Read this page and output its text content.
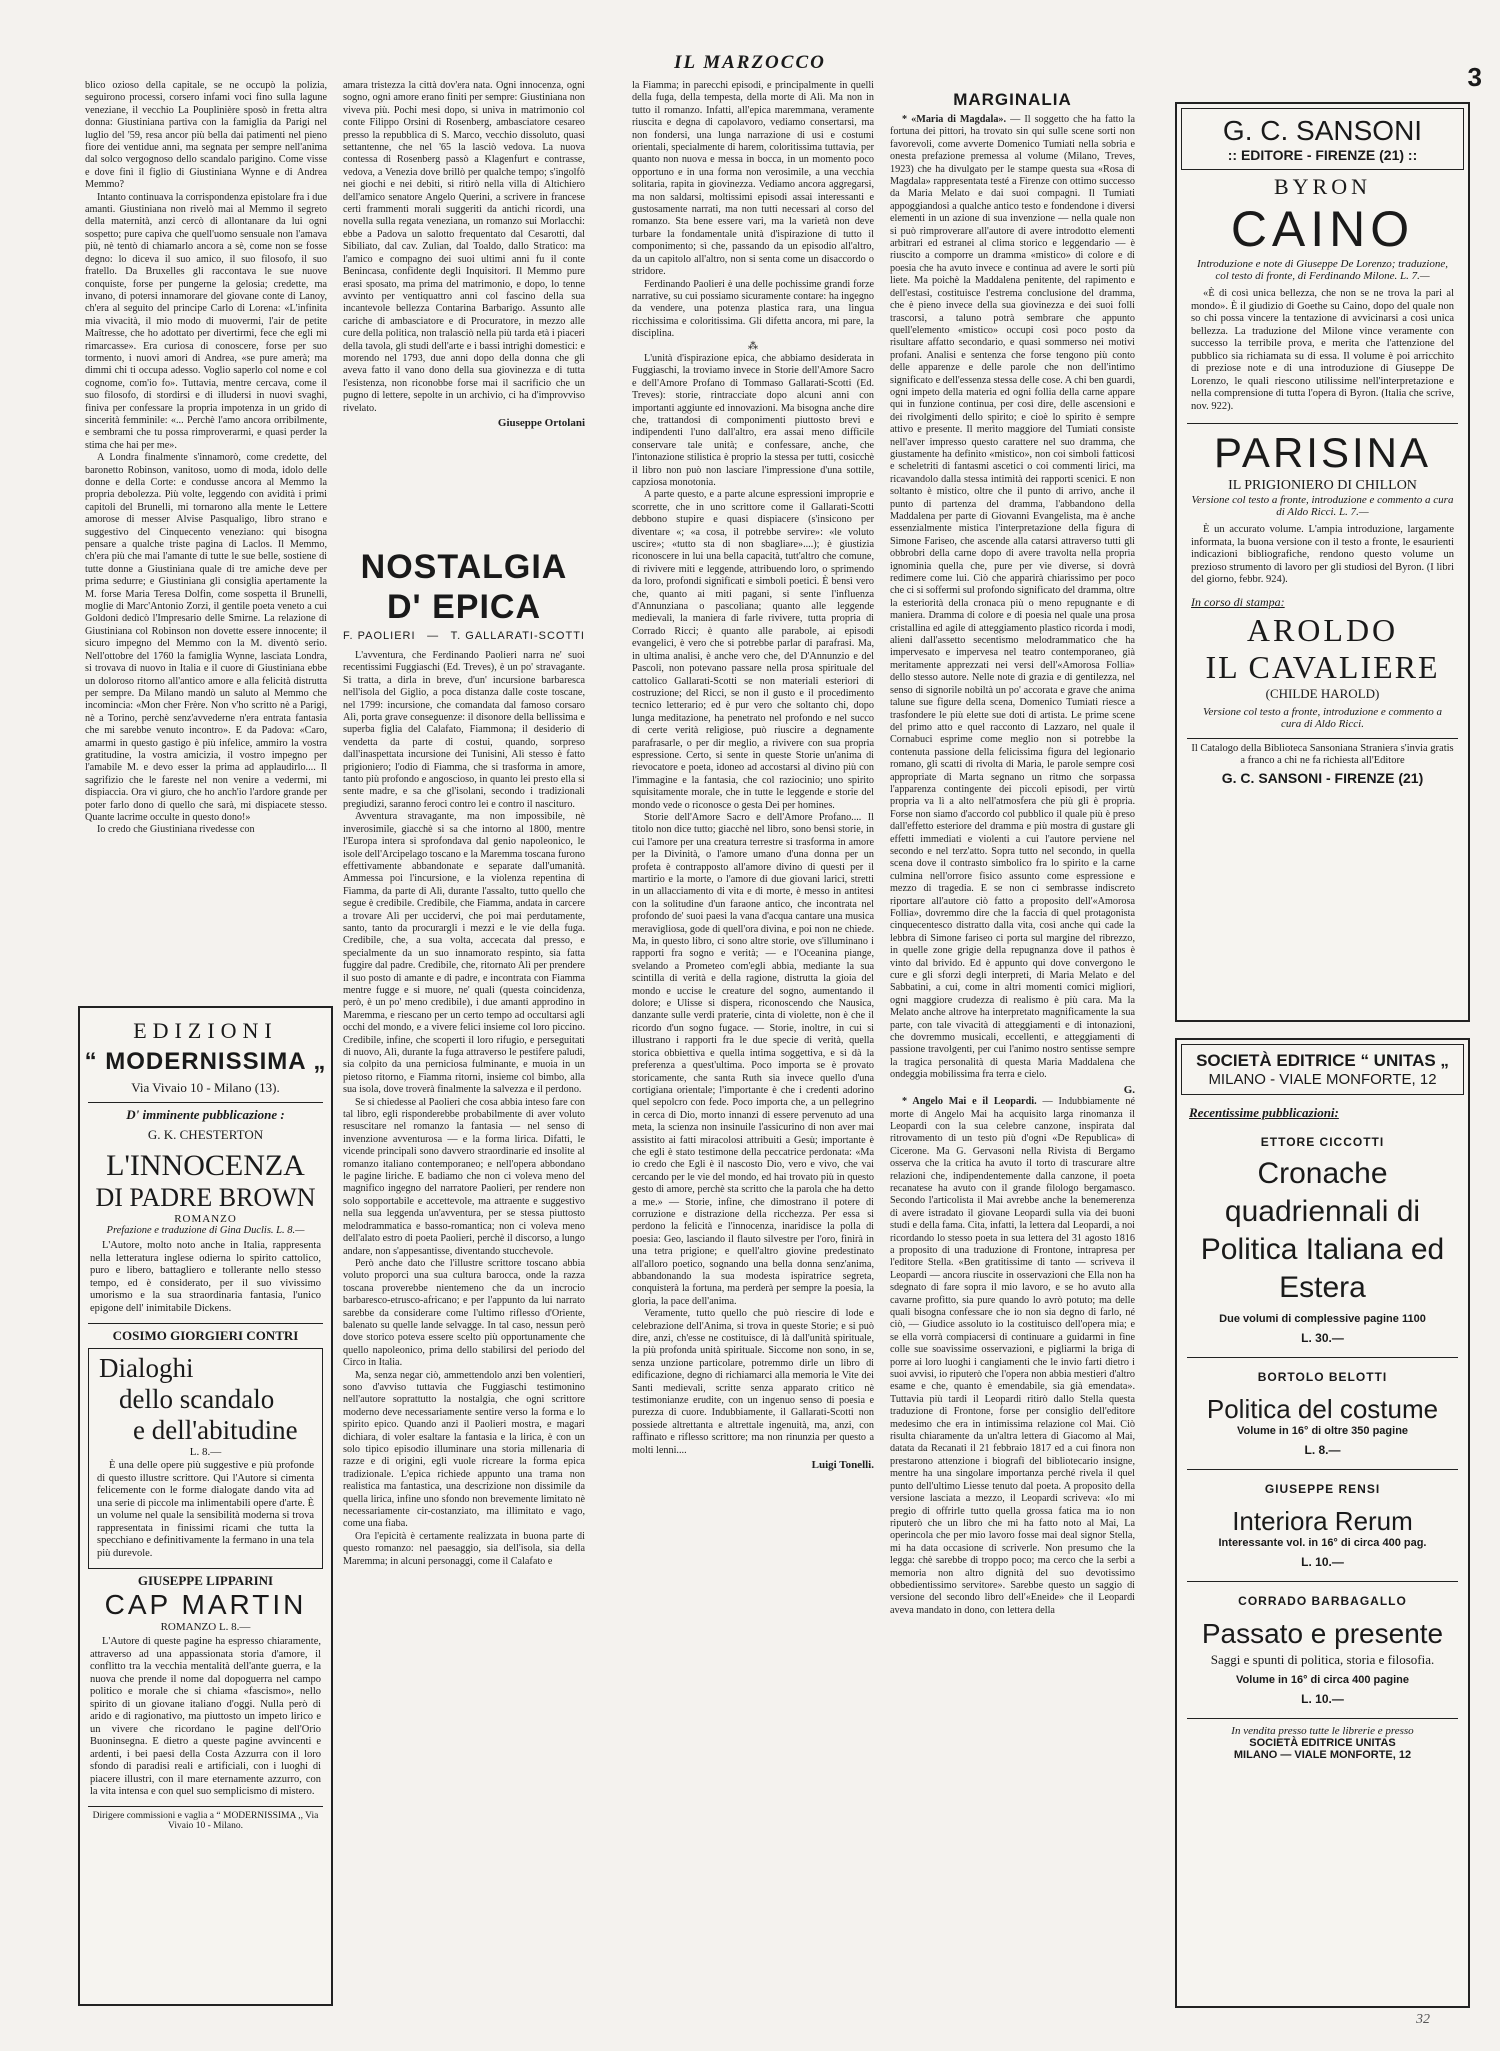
IL MARZOCCO	3

blico ozioso della capitale, se ne occupò la polizia, seguirono processi, corsero infami voci fino sulla lagune veneziane, il vecchio La Pouplinière sposò in fretta altra donna: Giustiniana partiva con la famiglia da Parigi nel luglio del '59, resa ancor più bella dai patimenti nel pieno fiore dei ventidue anni, ma segnata per sempre nell'anima dal solco vergognoso dello scandalo parigino. Come visse e dove finì il figlio di Giustiniana Wynne e di Andrea Memmo?

Intanto continuava la corrispondenza epistolare fra i due amanti. Giustiniana non rivelò mai al Memmo il segreto della maternità, anzi cercò di allontanare da lui ogni sospetto; pure capiva che quell'uomo sensuale non l'amava più, nè tentò di chiamarlo ancora a sè, come non se fosse degno: lo diceva il suo amico, il suo filosofo, il suo fratello. Da Bruxelles gli raccontava le sue nuove conquiste, forse per pungerne la gelosia; credette, ma invano, di potersi innamorare del giovane conte di Lanoy, ch'era al seguito del principe Carlo di Lorena: «L'infinita mia vivacità, il mio modo di muovermi, l'air de petite Maîtresse, che ho adottato per divertirmi, fece che egli mi rimarcasse». Era curiosa di conoscere, forse per suo tormento, i nuovi amori di Andrea, «se pure amerà; ma dimmi chi ti occupa adesso. Voglio saperlo col nome e col cognome, com'io fo». Tuttavia, mentre cercava, come il suo filosofo, di stordirsi e di illudersi in nuovi svaghi, finiva per confessare la propria impotenza in un grido di sincerità femminile: «... Perchè l'amo ancora orribilmente, e sembrami che tu possa rimproverarmi, e quasi perder la stima che hai per me».

A Londra finalmente s'innamorò, come credette, del baronetto Robinson, vanitoso, uomo di moda, idolo delle donne e della Corte: e condusse ancora al Memmo la propria debolezza. Più volte, leggendo con avidità i primi capitoli del Brunelli, mi tornarono alla mente le Lettere amorose di messer Alvise Pasqualigo, libro strano e suggestivo del Cinquecento veneziano: qui bisogna pensare a qualche triste pagina di Laclos. Il Memmo, ch'era più che mai l'amante di tutte le sue belle, sostiene di tutte donne a Giustiniana quale di tre amiche deve per prima sedurre; e Giustiniana gli consiglia apertamente la M. forse Maria Teresa Dolfin, come sospetta il Brunelli, moglie di Marc'Antonio Zorzi, il gentile poeta veneto a cui Goldoni dedicò l'Impresario delle Smirne. La relazione di Giustiniana col Robinson non dovette essere innocente; il sicuro impegno del Memmo con la M. diventò serio. Nell'ottobre del 1760 la famiglia Wynne, lasciata Londra, si trovava di nuovo in Italia e il cuore di Giustiniana ebbe un doloroso ritorno all'antico amore e alla felicità distrutta per sempre. Da Milano mandò un saluto al Memmo che incomincia: «Mon cher Frère. Non v'ho scritto nè a Parigi, nè a Torino, perchè senz'avvederne n'era entrata fantasia che mi sarebbe venuto incontro». E da Padova: «Caro, amarmi in questo gastigo è più infelice, ammiro la vostra gratitudine, la vostra amicizia, il vostro impegno per l'amabile M. e devo esser la prima ad applaudirlo.... Il sagrifizio che le fareste nel non venire a vedermi, mi dispiaccia. Ora vi giuro, che ho anch'io l'ardore grande per poter farlo dono di quello che sarà, mi dispiacete stesso. Quante lacrime occulte in questo dono!»

Io credo che Giustiniana rivedesse con

EDIZIONI
“ MODERNISSIMA „
Via Vivaio 10 - Milano (13).
D' imminente pubblicazione :
G. K. CHESTERTON
L'INNOCENZA
DI PADRE BROWN
ROMANZO
Prefazione e traduzione di Gina Duclis. L. 8.—
L'Autore, molto noto anche in Italia, rappresenta nella letteratura inglese odierna lo spirito cattolico, puro e libero, battagliero e tollerante nello stesso tempo, ed è considerato, per il suo vivissimo umorismo e la sua straordinaria fantasia, l'unico epigone dell' inimitabile Dickens.
COSIMO GIORGIERI CONTRI
Dialoghi
dello scandalo
e dell'abitudine
L. 8.—
È una delle opere più suggestive e più profonde di questo illustre scrittore. Qui l'Autore si cimenta felicemente con le forme dialogate dando vita ad una serie di piccole ma inlimentabili opere d'arte. È un volume nel quale la sensibilità moderna si trova rappresentata in finissimi ricami che tutta la specchiano e definitivamente la fermano in una tela più durevole.
GIUSEPPE LIPPARINI
CAP MARTIN
ROMANZO L. 8.—
L'Autore di queste pagine ha espresso chiaramente, attraverso ad una appassionata storia d'amore, il conflitto tra la vecchia mentalità dell'ante guerra, e la nuova che prende il nome dal dopoguerra nel campo politico e morale che si chiama «fascismo», nello spirito di un giovane italiano d'oggi. Nulla però di arido e di ragionativo, ma piuttosto un impeto lirico e un vivere che ricordano le pagine dell'Orio Buoninsegna. E dietro a queste pagine avvincenti e ardenti, i bei paesi della Costa Azzurra con il loro sfondo di paradisi reali e artificiali, con i luoghi di piacere illustri, con il mare eternamente azzurro, con la vita intensa e con quel suo semplicismo di mistero.
Dirigere commissioni e vaglia a “ MODERNISSIMA ,, Via Vivaio 10 - Milano.

amara tristezza la città dov'era nata. Ogni innocenza, ogni sogno, ogni amore erano finiti per sempre: Giustiniana non viveva più. Pochi mesi dopo, si univa in matrimonio col conte Filippo Orsini di Rosenberg, ambasciatore cesareo presso la repubblica di S. Marco, vecchio dissoluto, quasi settantenne, che nel '65 la lasciò vedova. La nuova contessa di Rosenberg passò a Klagenfurt e contrasse, vedova, a Venezia dove brillò per qualche tempo; s'ingolfò nei giochi e nei debiti, si ritirò nella villa di Altichiero dell'amico senatore Angelo Querini, a scrivere in francese certi frammenti morali suggeriti da antichi ricordi, una novella sulla regata veneziana, un romanzo sui Morlacchi: ebbe a Padova un salotto frequentato dal Cesarotti, dal Sibiliato, dal cav. Zulian, dal Toaldo, dallo Stratico: ma l'amico e compagno dei suoi ultimi anni fu il conte Benincasa, confidente degli Inquisitori. Il Memmo pure erasi sposato, ma prima del matrimonio, e dopo, lo tenne avvinto per ventiquattro anni col fascino della sua incantevole bellezza Contarina Barbarigo. Assunto alle cariche di ambasciatore e di Procuratore, in mezzo alle cure della politica, non tralasciò nella più tarda età i piaceri della tavola, gli studi dell'arte e i bassi intrighi domestici: e morendo nel 1793, due anni dopo della donna che gli aveva fatto il vano dono della sua giovinezza e di tutta l'esistenza, non riconobbe forse mai il sacrificio che un pugno di lettere, sepolte in un archivio, ci ha d'improvviso rivelato.

Giuseppe Ortolani
NOSTALGIA
D' EPICA
F. PAOLIERI — T. GALLARATI-SCOTTI

L'avventura, che Ferdinando Paolieri narra ne' suoi recentissimi Fuggiaschi (Ed. Treves), è un po' stravagante. Si tratta, a dirla in breve, d'un' incursione barbaresca nell'isola del Giglio, a poca distanza dalle coste toscane, nel 1799: incursione, che comandata dal famoso corsaro Alì, porta grave conseguenze: il disonore della bellissima e superba figlia del Calafato, Fiammona; il desiderio di vendetta da parte di costui, quando, sorpreso dall'inaspettata incursione dei Tunisini, Alì stesso è fatto prigioniero; l'odio di Fiamma, che si trasforma in amore, tanto più profondo e angoscioso, in quanto lei presto ella si sente madre, e sa che gl'isolani, secondo i tradizionali pregiudizi, saranno feroci contro lei e contro il nascituro.

Avventura stravagante, ma non impossibile, nè inverosimile, giacchè si sa che intorno al 1800, mentre l'Europa intera si sprofondava dal genio napoleonico, le isole dell'Arcipelago toscano e la Maremma toscana furono effettivamente abbandonate e separate dall'umanità. Ammessa poi l'incursione, e la violenza repentina di Fiamma, da parte di Alì, durante l'assalto, tutto quello che segue è credibile. Credibile, che Fiamma, andata in carcere a trovare Alì per uccidervi, che poi mai perdutamente, santo, tanto da procurargli i mezzi e le vie della fuga. Credibile, che, a sua volta, accecata dal presso, e specialmente da un suo innamorato respinto, sia fatta fuggire dal padre. Credibile, che, ritornato Alì per prendere il suo posto di amante e di padre, e incontrata con Fiamma mentre fugge e si muore, ne' quali (questa coincidenza, però, è un po' meno credibile), i due amanti approdino in Maremma, e riescano per un certo tempo ad occultarsi agli occhi del mondo, e a vivere felici insieme col loro piccino. Credibile, infine, che scoperti il loro rifugio, e perseguitati di nuovo, Alì, durante la fuga attraverso le pestifere paludi, sia colpito da una perniciosa fulminante, e muoia in un pietoso ritorno, e Fiamma ritorni, insieme col bimbo, alla sua isola, dove troverà finalmente la salvezza e il perdono.

Se si chiedesse al Paolieri che cosa abbia inteso fare con tal libro, egli risponderebbe probabilmente di aver voluto resuscitare nel romanzo la fantasia — nel senso di invenzione avventurosa — e la forma lirica. Difatti, le vicende principali sono davvero straordinarie ed insolite al romanzo italiano contemporaneo; e nell'opera abbondano le pagine liriche. E badiamo che non ci voleva meno del magnifico ingegno del narratore Paolieri, per rendere non solo sopportabile e accettevole, ma attraente e suggestivo nella sua leggenda un'avventura, per se stessa piuttosto melodrammatica e basso-romantica; non ci voleva meno dell'alato estro di poeta Paolieri, perchè il discorso, a lungo andare, non s'appesantisse, diventando stucchevole.

Però anche dato che l'illustre scrittore toscano abbia voluto proporci una sua cultura barocca, onde la razza toscana proverebbe nientemeno che da un incrocio barbaresco-etrusco-africano; e per l'appunto da lui narrato sarebbe da considerare come l'ultimo riflesso d'Oriente, balenato su quelle lande selvagge. In tal caso, nessun però dove storico poteva essere scelto più opportunamente che quello napoleonico, prima dello stabilirsi del periodo del Circo in Italia.

Ma, senza negar ciò, ammettendolo anzi ben volentieri, sono d'avviso tuttavia che Fuggiaschi testimonino nell'autore soprattutto la nostalgia, che ogni scrittore moderno deve necessariamente sentire verso la forma e lo spirito epico. Quando anzi il Paolieri mostra, e magari dichiara, di voler esaltare la fantasia e la lirica, è con un solo tipico episodio illuminare una storia millenaria di razze e di origini, egli vuole ricreare la forma epica tradizionale. L'epica richiede appunto una trama non realistica ma fantastica, una descrizione non dissimile da quella lirica, infine uno sfondo non brevemente limitato nè necessariamente cir-costanziato, ma illimitato e vago, come una fiaba.

Ora l'epicità è certamente realizzata in buona parte di questo romanzo: nel paesaggio, sia dell'isola, sia della Maremma; in alcuni personaggi, come il Calafato e

la Fiamma; in parecchi episodi, e principalmente in quelli della fuga, della tempesta, della morte di Alì. Ma non in tutto il romanzo. Infatti, all'epica maremmana, veramente riuscita e degna di capolavoro, vediamo consertarsi, ma non fondersi, una lunga narrazione di usi e costumi orientali, specialmente di harem, coloritissima tuttavia, per quanto non nuova e messa in bocca, in un momento poco opportuno e in una forma non verosimile, a una vecchia solitaria, rapita in giovinezza. Vediamo ancora aggregarsi, ma non saldarsi, moltissimi episodi assai interessanti e gustosamente narrati, ma non tutti necessari al corso del romanzo. Sta bene essere vari, ma la varietà non deve turbare la fondamentale unità d'ispirazione di tutto il componimento; sì che, passando da un episodio all'altro, da un capitolo all'altro, non si senta come un disaccordo o stridore.

Ferdinando Paolieri è una delle pochissime grandi forze narrative, su cui possiamo sicuramente contare: ha ingegno da vendere, una potenza plastica rara, una lingua ricchissima e coloritissima. Gli difetta ancora, mi pare, la disciplina.

⁂

L'unità d'ispirazione epica, che abbiamo desiderata in Fuggiaschi, la troviamo invece in Storie dell'Amore Sacro e dell'Amore Profano di Tommaso Gallarati-Scotti (Ed. Treves): storie, rintracciate dopo alcuni anni con importanti aggiunte ed innovazioni. Ma bisogna anche dire che, trattandosi di componimenti piuttosto brevi e indipendenti l'uno dall'altro, era assai meno difficile conservare tale unità; e confessare, anche, che l'intonazione stilistica è proprio la stessa per tutti, cosicchè il libro non può non lasciare l'impressione d'una sottile, capziosa monotonia.

A parte questo, e a parte alcune espressioni improprie e scorrette, che in uno scrittore come il Gallarati-Scotti debbono stupire e quasi dispiacere (s'insicono per diventare «; «a cosa, il potrebbe servire»: «le voluto uscire»; «tutto sta di non sbagliare»....); è giustizia riconoscere in lui una bella capacità, tutt'altro che comune, di rivivere miti e leggende, attribuendo loro, o sprimendo da loro, profondi significati e simboli poetici. È bensì vero che, quanto ai miti pagani, si sente l'influenza d'Annunziana o pascoliana; quanto alle leggende medievali, la maniera di farle rivivere, tutta propria di Corrado Ricci; è quanto alle parabole, ai episodi evangelici, è vero che si potrebbe parlar di parafrasi. Ma, in ultima analisi, è anche vero che, del D'Annunzio e del Pascoli, non potevano passare nella prosa spirituale del cattolico Gallarati-Scotti se non materiali esteriori di costruzione; del Ricci, se non il gusto e il procedimento tecnico letterario; ed è pur vero che soltanto chi, dopo lunga meditazione, ha penetrato nel profondo e nel succo di certe verità religiose, può riuscire a degnamente parafrasarle, o per dir meglio, a rivivere con sua propria espressione. Certo, si sente in queste Storie un'anima di rievocatore e poeta, idoneo ad accostarsi al divino più con l'immagine e la fantasia, che col raziocinio; uno spirito squisitamente morale, che in tutte le leggende e storie del mondo vede o riconosce o gesta Dei per homines.

Storie dell'Amore Sacro e dell'Amore Profano.... Il titolo non dice tutto; giacchè nel libro, sono bensì storie, in cui l'amore per una creatura terrestre si trasforma in amore per la Divinità, o l'amore umano d'una donna per un profeta è contrapposto all'amore divino di questi per il martirio e la morte, o l'amore di due giovani larici, stretti in un allacciamento di vita e di morte, è messo in antitesi con la solitudine d'un faraone antico, che incontrata nel profondo de' suoi paesi la vana d'acqua cantare una musica meravigliosa, gode di quell'ora divina, e poi non ne chiede. Ma, in questo libro, ci sono altre storie, ove s'illuminano i rapporti fra sogno e verità; — e l'Oceanina piange, svelando a Prometeo com'egli abbia, mediante la sua scintilla di verità e della ragione, distrutta la gioia del mondo e uccise le creature del sogno, aumentando il dolore; e Ulisse si dispera, riconoscendo che Nausica, danzante sulle verdi praterie, cinta di violette, non è che il ricordo d'un sogno fugace. — Storie, inoltre, in cui si illustrano i rapporti fra le due specie di verità, quella storica obbiettiva e quella intima soggettiva, e si dà la preferenza a quest'ultima. Poco importa se è provato storicamente, che santa Ruth sia invece quello d'una cortigiana orientale; l'importante è che i credenti adorino quel sepolcro con fede. Poco importa che, a un pellegrino in cerca di Dio, morto innanzi di essere pervenuto ad una meta, la scienza non insinuile l'assicurino di non aver mai assistito ai fatti miracolosi attribuiti a Gesù; importante è che egli è stato testimone della peccatrice perdonata: «Ma io credo che Egli è il nascosto Dio, vero e vivo, che vai cercando per le vie del mondo, ed hai trovato più in questo gesto di amore, perchè sta scritto che la parola che ha detto a me.» — Storie, infine, che dimostrano il potere di corruzione e distrazione della ricchezza. Per essa si perdono la felicità e l'innocenza, inaridisce la polla di poesia: Geo, lasciando il flauto silvestre per l'oro, finirà in una tetra prigione; e quell'altro giovine predestinato all'alloro poetico, sognando una bella donna senz'anima, abbandonando la sua modesta ispiratrice segreta, conquisterà la fortuna, ma perderà per sempre la poesia, la gloria, la pace dell'anima.

Veramente, tutto quello che può riescire di lode e celebrazione dell'Anima, si trova in queste Storie; e si può dire, anzi, ch'esse ne costituisce, di là dall'unità spirituale, la più profonda unità spirituale. Siccome non sono, in se, senza unzione particolare, potremmo dirle un libro di edificazione, degno di richiamarci alla memoria le Vite dei Santi medievali, scritte senza apparato critico nè testimonianze erudite, con un ingenuo senso di poesia e purezza di cuore. Indubbiamente, il Gallarati-Scotti non possiede altrettanta e altrettale ingenuità, ma, anzi, con raffinato e riflesso scrittore; ma non rinunzia per questo a molti lenni....

Luigi Tonelli.
MARGINALIA

* «Maria di Magdala». — Il soggetto che ha fatto la fortuna dei pittori, ha trovato sin qui sulle scene sorti non favorevoli, come avverte Domenico Tumiati nella sobria e onesta prefazione premessa al volume (Milano, Treves, 1923) che ha divulgato per le stampe questa sua «Rosa di Magdala» rappresentata testé a Firenze con ottimo successo da Maria Melato e dai suoi compagni. Il Tumiati appoggiandosi a qualche antico testo e fondendone i diversi elementi in un azione di sua invenzione — nella quale non si può rimproverare all'autore di avere introdotto elementi arbitrari ed estranei al clima storico e leggendario — è riuscito a comporre un dramma «mistico» di colore e di poesia che ha avuto invece e continua ad avere le sorti più liete. Ma poichè la Maddalena penitente, del rapimento e dell'estasi, costituisce l'estrema conclusione del dramma, che è pieno invece della sua giovinezza e dei suoi folli trascorsi, a taluno potrà sembrare che appunto quell'elemento «mistico» occupi così poco posto da risultare affatto secondario, e quasi sommerso nei motivi profani. Analisi e sentenza che forse tengono più conto delle apparenze e delle parole che non dell'intimo significato e dell'essenza stessa delle cose. A chi ben guardi, ogni impeto della materia ed ogni follia della carne appare qui in funzione continua, per così dire, delle ascensioni e dei rivolgimenti dello spirito; e cioè lo spirito è sempre attivo e presente. Il merito maggiore del Tumiati consiste nell'aver impresso questo carattere nel suo dramma, che giustamente ha definito «mistico», non coi simboli fatticosi e scheletriti di fantasmi ascetici o coi commenti lirici, ma ricavandolo dalla stessa intimità dei rapporti scenici. E non soltanto è mistico, oltre che il punto di arrivo, anche il punto di partenza del dramma, l'abbandono della Maddalena per parte di Giovanni Evangelista, ma è anche essenzialmente mistica l'interpretazione della figura di Simone Fariseo, che ascende alla catarsi attraverso tutti gli obbrobri della carne dopo di avere travolta nella propria ignominia quella che, pure per vie diverse, si dovrà redimere come lui. Ciò che apparirà chiarissimo per poco che ci si soffermi sul profondo significato del dramma, oltre la esteriorità della cronaca più o meno repugnante e di maniera. Dramma di colore e di poesia nel quale una prosa cristallina ed agile di atteggiamento plastico ricorda i modi, alieni dall'assetto secentismo melodrammatico che ha impervesato e impervesa nel teatro contemporaneo, già meritamente apprezzati nei versi dell'«Amorosa Follia» dello stesso autore. Nelle note di grazia e di gentilezza, nel senso di signorile nobiltà un po' accorata e grave che anima talune sue figure della scena, Domenico Tumiati riesce a trasfondere le più elette sue doti di artista. Le prime scene del primo atto e quel racconto di Lazzaro, nel quale il Cornabuci esprime come meglio non si potrebbe la contenuta passione della felicissima figura del legionario romano, gli scatti di rivolta di Maria, le parole sempre così appropriate di Marta segnano un ritmo che sorpassa l'apparenza contingente dei piccoli episodi, per virtù propria va lì a alto nell'atmosfera che più gli è propria. Forse non siamo d'accordo col pubblico il quale più è preso dall'effetto esteriore del dramma e più mostra di gustare gli effetti immediati e violenti a cui l'autore perviene nel secondo e nel terz'atto. Sopra tutto nel secondo, in quella scena dove il contrasto simbolico fra lo spirito e la carne culmina nell'orrore fisico assunto come espressione e mezzo di tragedia. E se non ci sembrasse indiscreto riportare all'autore ciò fatto a proposito dell'«Amorosa Follia», dovremmo dire che la faccia di quel protagonista cinquecentesco distratto dalla vita, così anche qui cade la lebbra di Simone fariseo ci porta sul margine del ribrezzo, in quelle zone grigie della repugnanza dove il pathos è vinto dal brivido. Ed è appunto qui dove convergono le cure e gli sforzi degli interpreti, di Maria Melato e del Sabbatini, a cui, come in altri momenti comici migliori, ogni maggiore crudezza di realismo è più cara. Ma la Melato anche altrove ha interpretato magnificamente la sua parte, con tale vivacità di atteggiamenti e di intonazioni, che dovremmo musicali, eccellenti, e atteggiamenti di passione travolgenti, per cui l'animo nostro sentisse sempre la tragica personalità di questa Maria Maddalena che ondeggia mobilissima fra terra e cielo.

G.

* Angelo Mai e il Leopardi. — Indubbiamente né morte di Angelo Mai ha acquisito larga rinomanza il Leopardi con la sua celebre canzone, inspirata dal ritrovamento di un testo più d'ogni «De Republica» di Cicerone. Ma G. Gervasoni nella Rivista di Bergamo osserva che la critica ha avuto il torto di trascurare altre relazioni che, indipendentemente dalla canzone, il poeta recanatese ha avuto con il grande filologo bergamasco. Secondo l'articolista il Mai avrebbe anche la benemerenza di avere istradato il giovane Leopardi sulla via dei buoni studi e della fama. Cita, infatti, la lettera dal Leopardi, a noi ricordando lo stesso poeta in sua lettera del 31 agosto 1816 a proposito di una traduzione di Frontone, intrapresa per l'editore Stella. «Ben gratitissime di tanto — scriveva il Leopardi — ancora riuscite in osservazioni che Ella non ha sdegnato di fare sopra il mio lavoro, e se ho avuto alla cavarne profitto, sia pure quando lo avrò potuto; ma delle quali bisogna confessare che io non sia degno di farlo, né ciò, — Giudice assoluto io la costituisco dell'opera mia; e se ella vorrà compiacersi di continuare a guidarmi in fine colle sue soavissime osservazioni, e pigliarmi la briga di porre ai loro luoghi i cangiamenti che le invio farti dietro i suoi avvisi, io riputerò che l'opera non abbia mestieri d'altro esame e che, quanto è emendabile, sia già emendata». Tuttavia più tardi il Leopardi ritirò dallo Stella questa traduzione di Frontone, forse per consiglio dell'editore medesimo che era in intimissima relazione col Mai. Ciò risulta chiaramente da un'altra lettera di Giacomo al Mai, datata da Recanati il 21 febbraio 1817 ed a cui finora non prestarono attenzione i biografi del bibliotecario insigne, mentre ha una singolare importanza perché rivela il quel punto dell'ultimo Liesse tenuto dal poeta. A proposito della versione lasciata a mezzo, il Leopardi scriveva: «Io mi pregio di offrirle tutto quella grossa fatica ma io non riputerò che un libro che mi ha fatto noto al Mai, La operincola che per mio lavoro fosse mai deal signor Stella, mi ha data occasione di scriverle. Non presumo che la legga: chè sarebbe di troppo poco; ma cerco che la serbi a memoria non altro dignità del suo devotissimo obbedientissimo servitore». Sarebbe questo un saggio di versione del secondo libro dell'«Eneide» che il Leopardi aveva mandato in dono, con lettera della

G. C. SANSONI
:: EDITORE - FIRENZE (21) ::
BYRON
CAINO
Introduzione e note di Giuseppe De Lorenzo; traduzione, col testo di fronte, di Ferdinando Milone. L. 7.—
«È di così unica bellezza, che non se ne trova la pari al mondo». È il giudizio di Goethe su Caino, dopo del quale non so chi possa vincere la tentazione di avvicinarsi a così unica bellezza. La traduzione del Milone vince veramente con successo la terribile prova, e merita che l'attenzione del pubblico sia richiamata su di essa. Il volume è poi arricchito di preziose note e di una introduzione di Giuseppe De Lorenzo, le quali riescono utilissime nell'interpretazione e nella comprensione di tutta l'opera di Byron. (Italia che scrive, nov. 922).
PARISINA
IL PRIGIONIERO DI CHILLON
Versione col testo a fronte, introduzione e commento a cura di Aldo Ricci. L. 7.—
È un accurato volume. L'ampia introduzione, largamente informata, la buona versione con il testo a fronte, le esaurienti indicazioni bibliografiche, rendono questo volume un prezioso strumento di lavoro per gli studiosi del Byron. (I libri del giorno, febbr. 924).
In corso di stampa:
AROLDO
IL CAVALIERE
(CHILDE HAROLD)
Versione col testo a fronte, introduzione e commento a cura di Aldo Ricci.
Il Catalogo della Biblioteca Sansoniana Straniera s'invia gratis a franco a chi ne fa richiesta all'Editore
G. C. SANSONI - FIRENZE (21)
SOCIETÀ EDITRICE “ UNITAS „
MILANO - VIALE MONFORTE, 12
Recentissime pubblicazioni:
ETTORE CICCOTTI
Cronache quadriennali di Politica Italiana ed Estera
Due volumi di complessive pagine 1100
L. 30.—
BORTOLO BELOTTI
Politica del costume
Volume in 16° di oltre 350 pagine
L. 8.—
GIUSEPPE RENSI
Interiora Rerum
Interessante vol. in 16° di circa 400 pag.
L. 10.—
CORRADO BARBAGALLO
Passato e presente
Saggi e spunti di politica, storia e filosofia.
Volume in 16° di circa 400 pagine
L. 10.—
In vendita presso tutte le librerie e presso
SOCIETÀ EDITRICE UNITAS
MILANO — VIALE MONFORTE, 12
32
